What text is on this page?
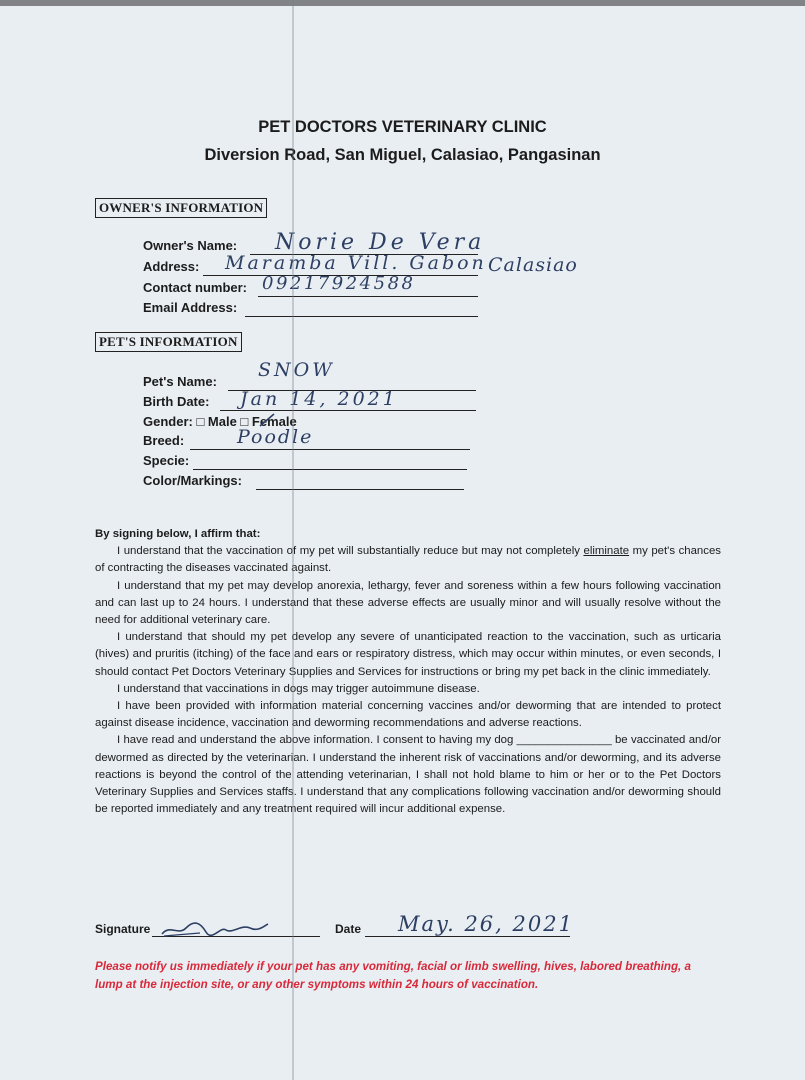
PET DOCTORS VETERINARY CLINIC
Diversion Road, San Miguel, Calasiao, Pangasinan
OWNER'S INFORMATION
Owner's Name: Norie De Vera
Address: Maramba Vill. Gabon Calasiao
Contact number: 09217924588
Email Address:
PET'S INFORMATION
Pet's Name:
SNOW
Birth Date: Jan 14, 2021
Gender: □ Male □ Female
Breed:	Poodle
Specie:
Color/Markings:

By signing below, I affirm that:

I understand that the vaccination of my pet will substantially reduce but may not completely eliminate my pet's chances of contracting the diseases vaccinated against.

I understand that my pet may develop anorexia, lethargy, fever and soreness within a few hours following vaccination and can last up to 24 hours. I understand that these adverse effects are usually minor and will usually resolve without the need for additional veterinary care.

I understand that should my pet develop any severe of unanticipated reaction to the vaccination, such as urticaria (hives) and pruritis (itching) of the face and ears or respiratory distress, which may occur within minutes, or even seconds, I should contact Pet Doctors Veterinary Supplies and Services for instructions or bring my pet back in the clinic immediately.

I understand that vaccinations in dogs may trigger autoimmune disease.

I have been provided with information material concerning vaccines and/or deworming that are intended to protect against disease incidence, vaccination and deworming recommendations and adverse reactions.

I have read and understand the above information. I consent to having my dog _______________ be vaccinated and/or dewormed as directed by the veterinarian. I understand the inherent risk of vaccinations and/or deworming, and its adverse reactions is beyond the control of the attending veterinarian, I shall not hold blame to him or her or to the Pet Doctors Veterinary Supplies and Services staffs. I understand that any complications following vaccination and/or deworming should be reported immediately and any treatment required will incur additional expense.

Signature	Date May. 26, 2021
Please notify us immediately if your pet has any vomiting, facial or limb swelling, hives, labored breathing, a lump at the injection site, or any other symptoms within 24 hours of vaccination.
